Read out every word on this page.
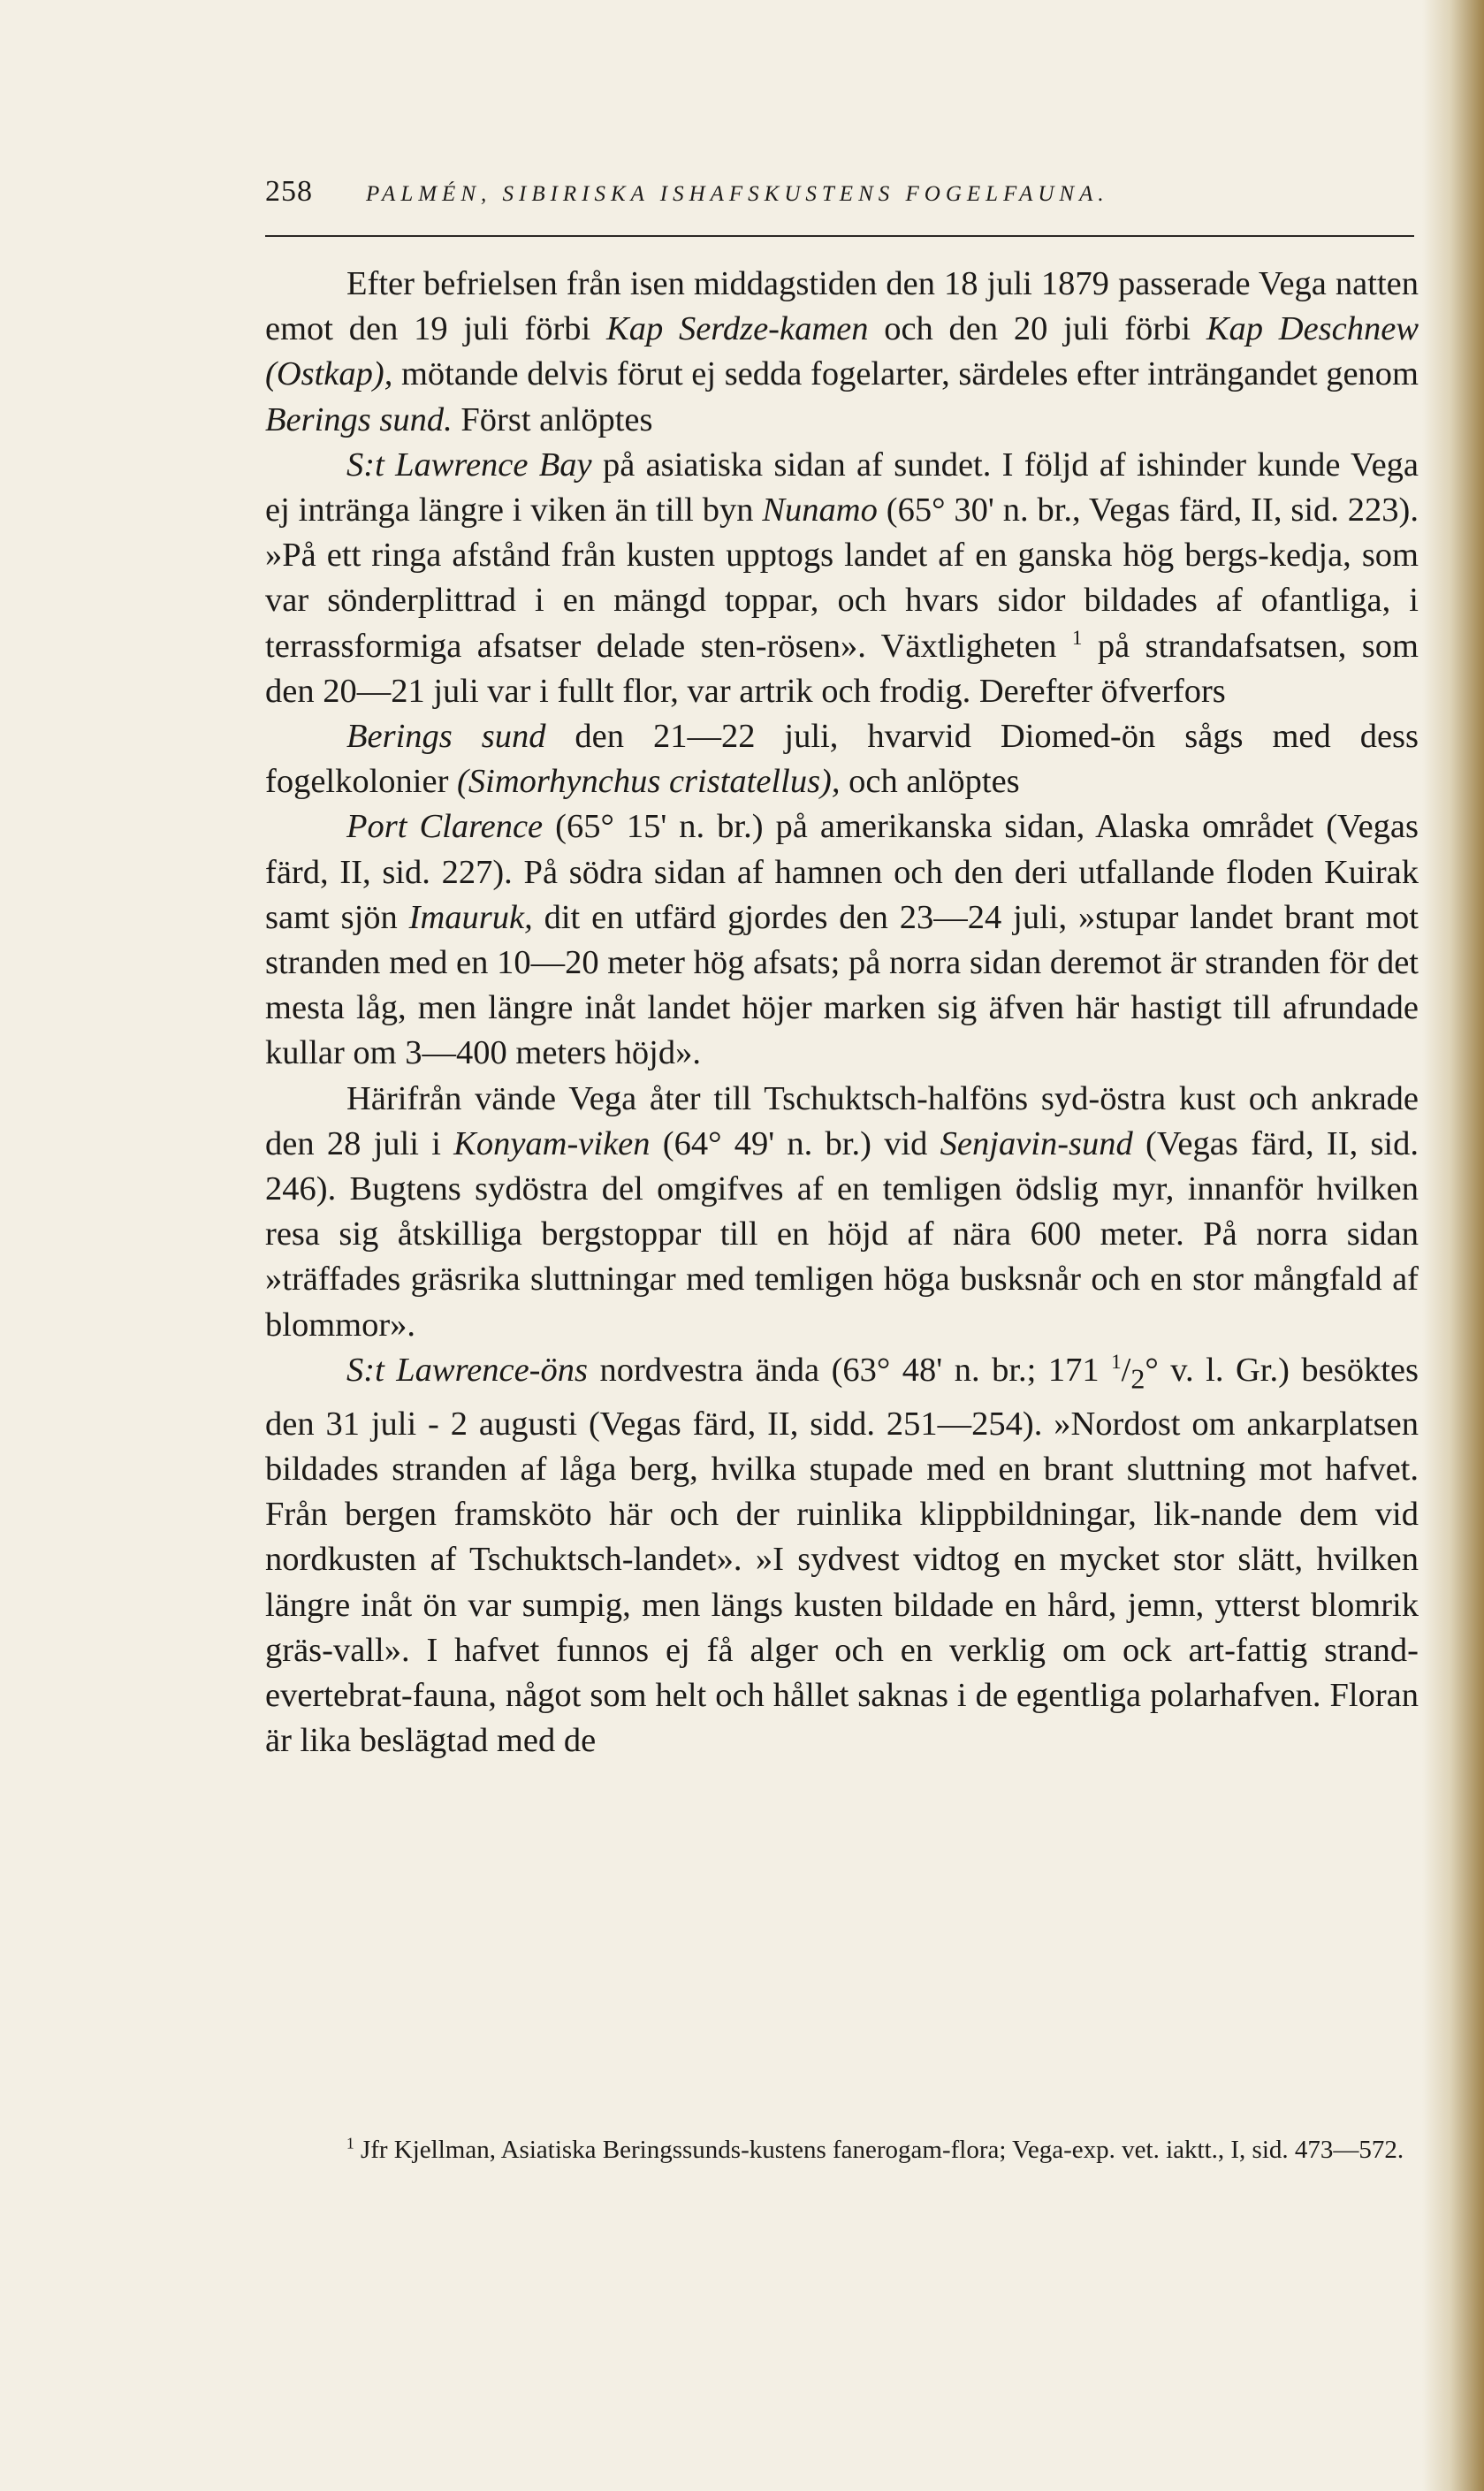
258 PALMÉN, SIBIRISKA ISHAFSKUSTENS FOGELFAUNA.

Efter befrielsen från isen middagstiden den 18 juli 1879 passerade Vega natten emot den 19 juli förbi Kap Serdze-kamen och den 20 juli förbi Kap Deschnew (Ostkap), mötande delvis förut ej sedda fogelarter, särdeles efter inträngandet genom Berings sund. Först anlöptes

S:t Lawrence Bay på asiatiska sidan af sundet. I följd af ishinder kunde Vega ej intränga längre i viken än till byn Nunamo (65° 30' n. br., Vegas färd, II, sid. 223). »På ett ringa afstånd från kusten upptogs landet af en ganska hög bergs-kedja, som var sönderplittrad i en mängd toppar, och hvars sidor bildades af ofantliga, i terrassformiga afsatser delade sten-rösen». Växtligheten $^1$ på strandafsatsen, som den 20—21 juli var i fullt flor, var artrik och frodig. Derefter öfverfors

Berings sund den 21—22 juli, hvarvid Diomed-ön sågs med dess fogelkolonier (Simorhynchus cristatellus), och anlöptes

Port Clarence (65° 15' n. br.) på amerikanska sidan, Alaska området (Vegas färd, II, sid. 227). På södra sidan af hamnen och den deri utfallande floden Kuirak samt sjön Imauruk, dit en utfärd gjordes den 23—24 juli, »stupar landet brant mot stranden med en 10—20 meter hög afsats; på norra sidan deremot är stranden för det mesta låg, men längre inåt landet höjer marken sig äfven här hastigt till afrundade kullar om 3—400 meters höjd».

Härifrån vände Vega åter till Tschuktsch-halföns syd-östra kust och ankrade den 28 juli i Konyam-viken (64° 49' n. br.) vid Senjavin-sund (Vegas färd, II, sid. 246). Bugtens sydöstra del omgifves af en temligen ödslig myr, innanför hvilken resa sig åtskilliga bergstoppar till en höjd af nära 600 meter. På norra sidan »träffades gräsrika sluttningar med temligen höga busksnår och en stor mångfald af blommor».

S:t Lawrence-öns nordvestra ända (63° 48' n. br.; 171 $^1/_2^\circ$ v. l. Gr.) besöktes den 31 juli - 2 augusti (Vegas färd, II, sidd. 251—254). »Nordost om ankarplatsen bildades stranden af låga berg, hvilka stupade med en brant sluttning mot hafvet. Från bergen framsköto här och der ruinlika klippbildningar, lik-nande dem vid nordkusten af Tschuktsch-landet». »I sydvest vidtog en mycket stor slätt, hvilken längre inåt ön var sumpig, men längs kusten bildade en hård, jemn, ytterst blomrik gräs-vall». I hafvet funnos ej få alger och en verklig om ock art-fattig strand-evertebrat-fauna, något som helt och hållet saknas i de egentliga polarhafven. Floran är lika beslägtad med de

$^1$ Jfr Kjellman, Asiatiska Beringssunds-kustens fanerogam-flora; Vega-exp. vet. iaktt., I, sid. 473—572.
